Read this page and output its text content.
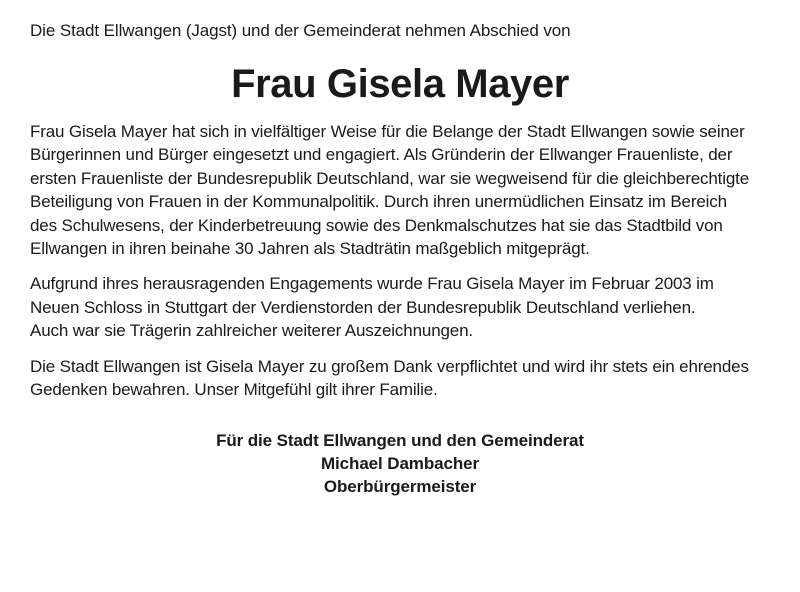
Die Stadt Ellwangen (Jagst) und der Gemeinderat nehmen Abschied von

Frau Gisela Mayer

Frau Gisela Mayer hat sich in vielfältiger Weise für die Belange der Stadt Ellwangen sowie seiner
Bürgerinnen und Bürger eingesetzt und engagiert. Als Gründerin der Ellwanger Frauenliste, der
ersten Frauenliste der Bundesrepublik Deutschland, war sie wegweisend für die gleichberechtigte
Beteiligung von Frauen in der Kommunalpolitik. Durch ihren unermüdlichen Einsatz im Bereich
des Schulwesens, der Kinderbetreuung sowie des Denkmalschutzes hat sie das Stadtbild von
Ellwangen in ihren beinahe 30 Jahren als Stadträtin maßgeblich mitgeprägt.

Aufgrund ihres herausragenden Engagements wurde Frau Gisela Mayer im Februar 2003 im
Neuen Schloss in Stuttgart der Verdienstorden der Bundesrepublik Deutschland verliehen.
Auch war sie Trägerin zahlreicher weiterer Auszeichnungen.

Die Stadt Ellwangen ist Gisela Mayer zu großem Dank verpflichtet und wird ihr stets ein ehrendes
Gedenken bewahren. Unser Mitgefühl gilt ihrer Familie.

Für die Stadt Ellwangen und den Gemeinderat
Michael Dambacher
Oberbürgermeister
